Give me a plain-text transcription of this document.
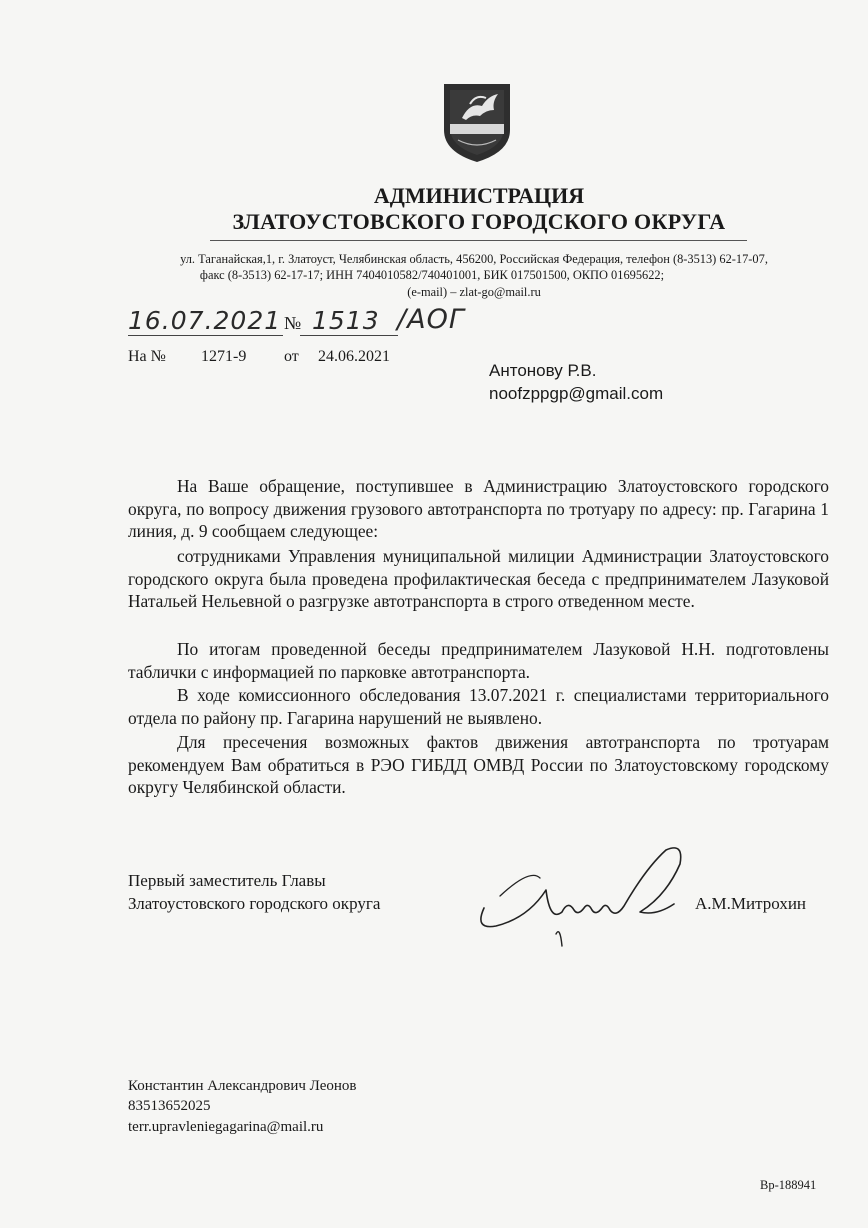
АДМИНИСТРАЦИЯ
ЗЛАТОУСТОВСКОГО ГОРОДСКОГО ОКРУГА
ул. Таганайская,1, г. Златоуст, Челябинская область, 456200, Российская Федерация, телефон (8-3513) 62-17-07,
факс (8-3513) 62-17-17; ИНН 7404010582/740401001, БИК 017501500, ОКПО 01695622;
(e-mail) – zlat-go@mail.ru
16.07.2021 № 1513 /АОГ
На № 1271-9 от 24.06.2021
Антонову Р.В.
noofzppgp@gmail.com

На Ваше обращение, поступившее в Администрацию Златоустовского городского округа, по вопросу движения грузового автотранспорта по тротуару по адресу: пр. Гагарина 1 линия, д. 9 сообщаем следующее:

сотрудниками Управления муниципальной милиции Администрации Златоустовского городского округа была проведена профилактическая беседа с предпринимателем Лазуковой Натальей Нельевной о разгрузке автотранспорта в строго отведенном месте.

По итогам проведенной беседы предпринимателем Лазуковой Н.Н. подготовлены таблички с информацией по парковке автотранспорта.

В ходе комиссионного обследования 13.07.2021 г. специалистами территориального отдела по району пр. Гагарина нарушений не выявлено.

Для пресечения возможных фактов движения автотранспорта по тротуарам рекомендуем Вам обратиться в РЭО ГИБДД ОМВД России по Златоустовскому городскому округу Челябинской области.

Первый заместитель Главы
Златоустовского городского округа	А.М.Митрохин
Константин Александрович Леонов
83513652025
terr.upravleniegagarina@mail.ru
Вр-188941
